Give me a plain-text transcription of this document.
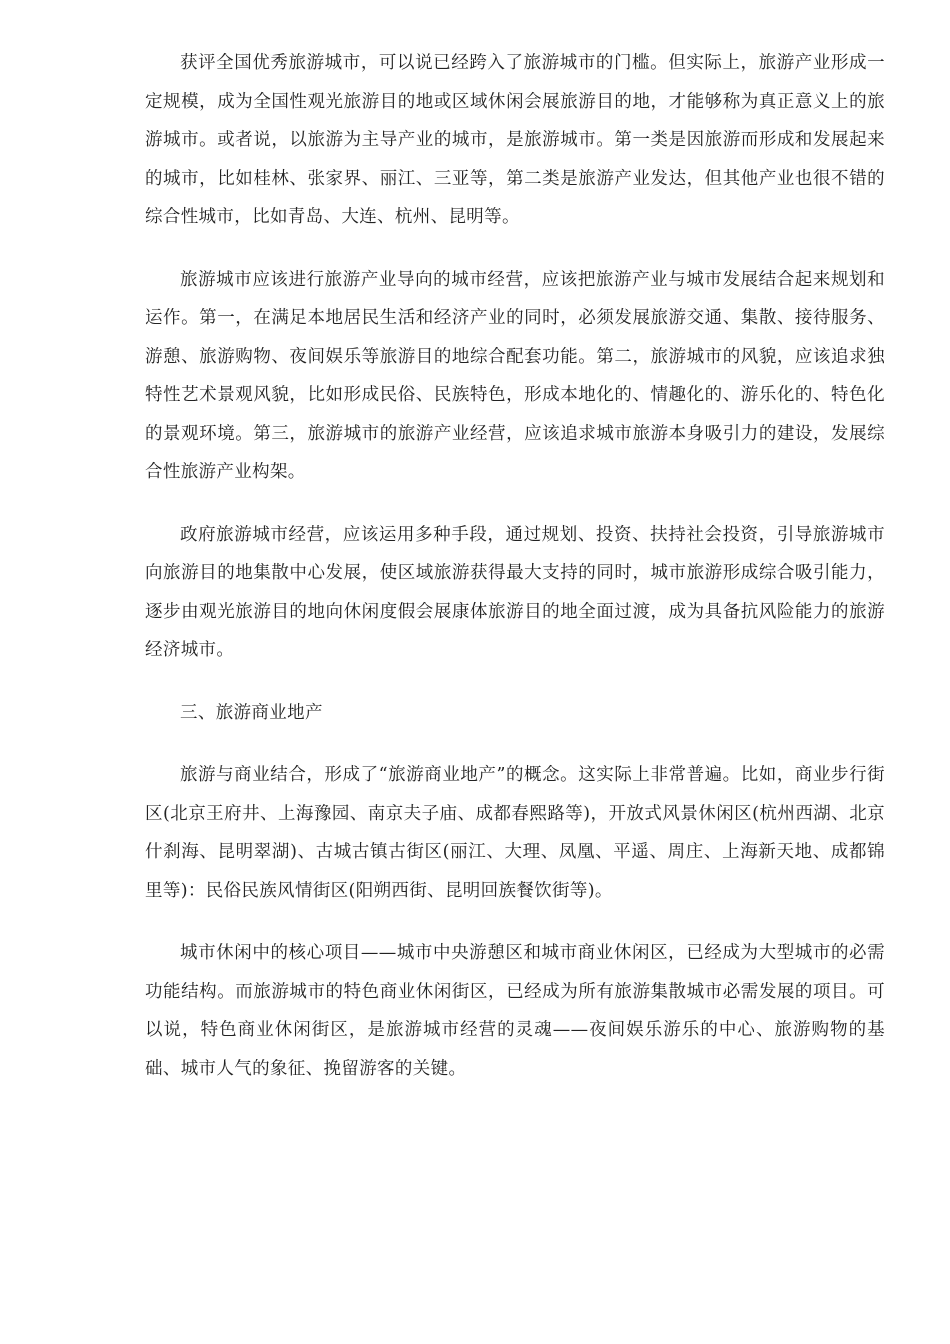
获评全国优秀旅游城市，可以说已经跨入了旅游城市的门槛。但实际上，旅游产业形成一定规模，成为全国性观光旅游目的地或区域休闲会展旅游目的地，才能够称为真正意义上的旅游城市。或者说，以旅游为主导产业的城市，是旅游城市。第一类是因旅游而形成和发展起来的城市，比如桂林、张家界、丽江、三亚等，第二类是旅游产业发达，但其他产业也很不错的综合性城市，比如青岛、大连、杭州、昆明等。

旅游城市应该进行旅游产业导向的城市经营，应该把旅游产业与城市发展结合起来规划和运作。第一，在满足本地居民生活和经济产业的同时，必须发展旅游交通、集散、接待服务、游憩、旅游购物、夜间娱乐等旅游目的地综合配套功能。第二，旅游城市的风貌，应该追求独特性艺术景观风貌，比如形成民俗、民族特色，形成本地化的、情趣化的、游乐化的、特色化的景观环境。第三，旅游城市的旅游产业经营，应该追求城市旅游本身吸引力的建设，发展综合性旅游产业构架。

政府旅游城市经营，应该运用多种手段，通过规划、投资、扶持社会投资，引导旅游城市向旅游目的地集散中心发展，使区域旅游获得最大支持的同时，城市旅游形成综合吸引能力，逐步由观光旅游目的地向休闲度假会展康体旅游目的地全面过渡，成为具备抗风险能力的旅游经济城市。

三、旅游商业地产

旅游与商业结合，形成了“旅游商业地产”的概念。这实际上非常普遍。比如，商业步行街区(北京王府井、上海豫园、南京夫子庙、成都春熙路等)，开放式风景休闲区(杭州西湖、北京什刹海、昆明翠湖)、古城古镇古街区(丽江、大理、凤凰、平遥、周庄、上海新天地、成都锦里等)：民俗民族风情街区(阳朔西街、昆明回族餐饮街等)。

城市休闲中的核心项目——城市中央游憩区和城市商业休闲区，已经成为大型城市的必需功能结构。而旅游城市的特色商业休闲街区，已经成为所有旅游集散城市必需发展的项目。可以说，特色商业休闲街区，是旅游城市经营的灵魂——夜间娱乐游乐的中心、旅游购物的基础、城市人气的象征、挽留游客的关键。
